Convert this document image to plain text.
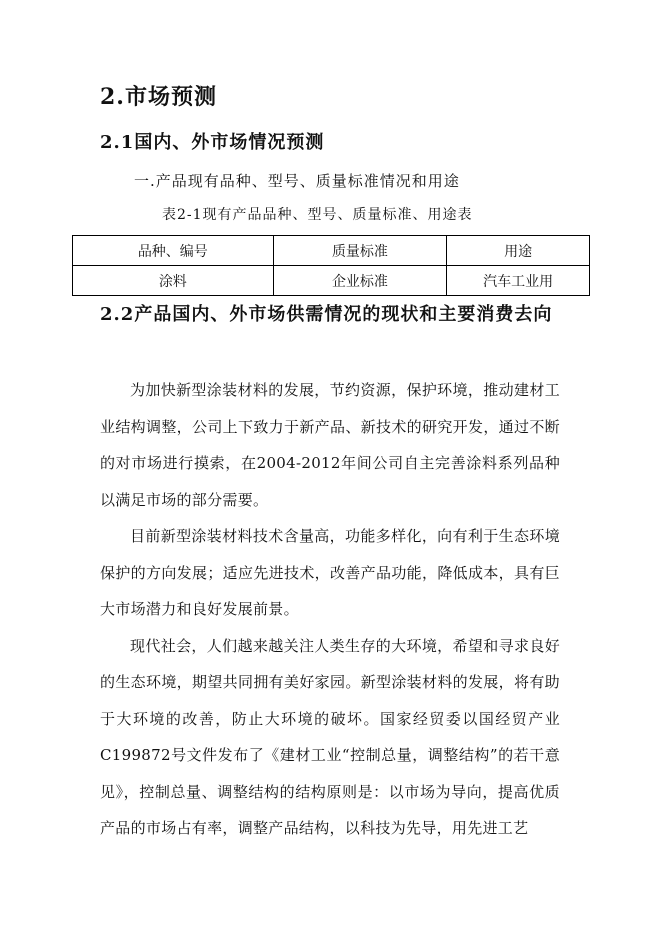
2.市场预测
2.1国内、外市场情况预测

一.产品现有品种、型号、质量标准情况和用途

表2-1现有产品品种、型号、质量标准、用途表

品种、编号	质量标准	用途
涂料	企业标准	汽车工业用
2.2产品国内、外市场供需情况的现状和主要消费去向

为加快新型涂装材料的发展，节约资源，保护环境，推动建材工业结构调整，公司上下致力于新产品、新技术的研究开发，通过不断的对市场进行摸索，在2004-2012年间公司自主完善涂料系列品种以满足市场的部分需要。

目前新型涂装材料技术含量高，功能多样化，向有利于生态环境保护的方向发展；适应先进技术，改善产品功能，降低成本，具有巨大市场潜力和良好发展前景。

现代社会，人们越来越关注人类生存的大环境，希望和寻求良好的生态环境，期望共同拥有美好家园。新型涂装材料的发展，将有助于大环境的改善，防止大环境的破坏。国家经贸委以国经贸产业C199872号文件发布了《建材工业“控制总量，调整结构”的若干意见》，控制总量、调整结构的结构原则是：以市场为导向，提高优质产品的市场占有率，调整产品结构，以科技为先导，用先进工艺
